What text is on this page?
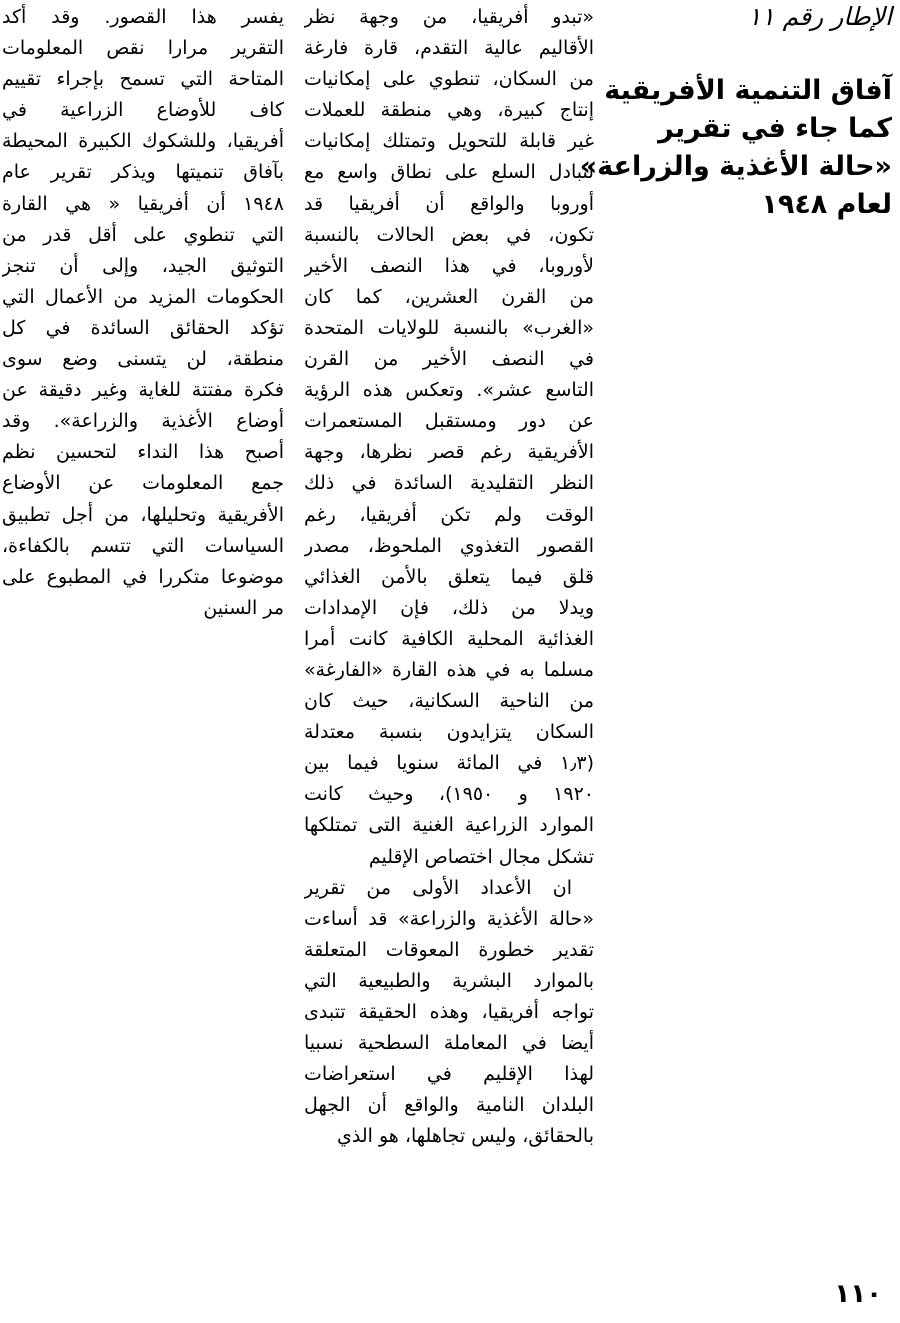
الإطار رقم ١١
آفاق التنمية الأفريقية
كما جاء في تقرير
«حالة الأغذية والزراعة»
لعام ١٩٤٨
«تبدو أفريقيا، من وجهة نظر
الأقاليم عالية التقدم، قارة فارغة
من السكان، تنطوي على إمكانيات
إنتاج كبيرة، وهي منطقة للعملات
غير قابلة للتحويل وتمتلك إمكانيات
لتبادل السلع على نطاق واسع مع
أوروبا والواقع أن أفريقيا قد
تكون، في بعض الحالات بالنسبة
لأوروبا، في هذا النصف الأخير
من القرن العشرين، كما كان
«الغرب» بالنسبة للولايات المتحدة
في النصف الأخير من القرن
التاسع عشر». وتعكس هذه الرؤية
عن دور ومستقبل المستعمرات
الأفريقية رغم قصر نظرها، وجهة
النظر التقليدية السائدة في ذلك
الوقت ولم تكن أفريقيا، رغم
القصور التغذوي الملحوظ، مصدر
قلق فيما يتعلق بالأمن الغذائي
ويدلا من ذلك، فإن الإمدادات
الغذائية المحلية الكافية كانت أمرا
مسلما به في هذه القارة «الفارغة»
من الناحية السكانية، حيث كان
السكان يتزايدون بنسبة معتدلة
(١٫٣ في المائة سنويا فيما بين
١٩٢٠ و ١٩٥٠)، وحيث كانت
الموارد الزراعية الغنية التى تمتلكها
تشكل مجال اختصاص الإقليم
ان الأعداد الأولى من تقرير
«حالة الأغذية والزراعة» قد أساءت
تقدير خطورة المعوقات المتعلقة
بالموارد البشرية والطبيعية التي
تواجه أفريقيا، وهذه الحقيقة تتبدى
أيضا في المعاملة السطحية نسبيا
لهذا الإقليم في استعراضات
البلدان النامية والواقع أن الجهل
بالحقائق، وليس تجاهلها، هو الذي
يفسر هذا القصور. وقد أكد
التقرير مرارا نقص المعلومات
المتاحة التي تسمح بإجراء تقييم
كاف للأوضاع الزراعية في
أفريقيا، وللشكوك الكبيرة المحيطة
بآفاق تنميتها ويذكر تقرير عام
١٩٤٨ أن أفريقيا « هي القارة
التي تنطوي على أقل قدر من
التوثيق الجيد، وإلى أن تنجز
الحكومات المزيد من الأعمال التي
تؤكد الحقائق السائدة في كل
منطقة، لن يتسنى وضع سوى
فكرة مفتتة للغاية وغير دقيقة عن
أوضاع الأغذية والزراعة». وقد
أصبح هذا النداء لتحسين نظم
جمع المعلومات عن الأوضاع
الأفريقية وتحليلها، من أجل تطبيق
السياسات التي تتسم بالكفاءة،
موضوعا متكررا في المطبوع على
مر السنين
١١٠
